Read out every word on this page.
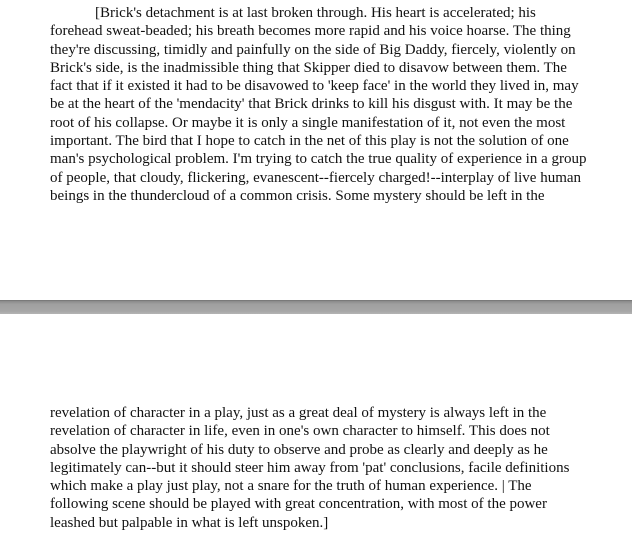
[Brick's detachment is at last broken through. His heart is accelerated; his
forehead sweat-beaded; his breath becomes more rapid and his voice hoarse. The thing
they're discussing, timidly and painfully on the side of Big Daddy, fiercely, violently on
Brick's side, is the inadmissible thing that Skipper died to disavow between them. The
fact that if it existed it had to be disavowed to 'keep face' in the world they lived in, may
be at the heart of the 'mendacity' that Brick drinks to kill his disgust with. It may be the
root of his collapse. Or maybe it is only a single manifestation of it, not even the most
important. The bird that I hope to catch in the net of this play is not the solution of one
man's psychological problem. I'm trying to catch the true quality of experience in a group
of people, that cloudy, flickering, evanescent--fiercely charged!--interplay of live human
beings in the thundercloud of a common crisis. Some mystery should be left in the

revelation of character in a play, just as a great deal of mystery is always left in the
revelation of character in life, even in one's own character to himself. This does not
absolve the playwright of his duty to observe and probe as clearly and deeply as he
legitimately can--but it should steer him away from 'pat' conclusions, facile definitions
which make a play just play, not a snare for the truth of human experience. | The
following scene should be played with great concentration, with most of the power
leashed but palpable in what is left unspoken.]
